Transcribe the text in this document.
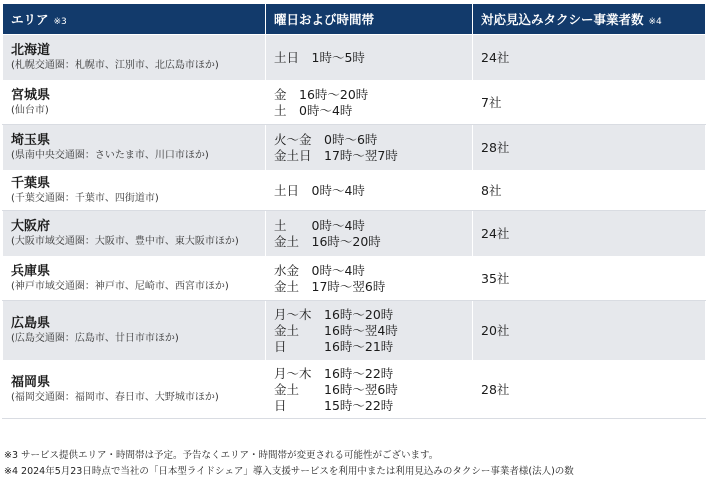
エリア ※3	曜日および時間帯	対応見込みタクシー事業者数 ※4

北海道
(札幌交通圏：札幌市、江別市、北広島市ほか)	土日　1時～5時	24社

宮城県
(仙台市)	金　16時～20時
土　0時～4時	7社

埼玉県
(県南中央交通圏：さいたま市、川口市ほか)	火～金　0時～6時
金土日　17時～翌7時	28社

千葉県
(千葉交通圏：千葉市、四街道市)	土日　0時～4時	8社

大阪府
(大阪市域交通圏：大阪市、豊中市、東大阪市ほか)	土　　0時～4時
金土　16時～20時	24社

兵庫県
(神戸市域交通圏：神戸市、尼崎市、西宮市ほか)	水金　0時～4時
金土　17時～翌6時	35社

広島県
(広島交通圏：広島市、廿日市市ほか)	月～木　16時～20時
金土　　16時～翌4時
日　　　16時～21時	20社

福岡県
(福岡交通圏：福岡市、春日市、大野城市ほか)	月～木　16時～22時
金土　　16時～翌6時
日　　　15時～22時	28社
※3 サービス提供エリア・時間帯は予定。予告なくエリア・時間帯が変更される可能性がございます。
※4 2024年5月23日時点で当社の「日本型ライドシェア」導入支援サービスを利用中または利用見込みのタクシー事業者様(法人)の数
